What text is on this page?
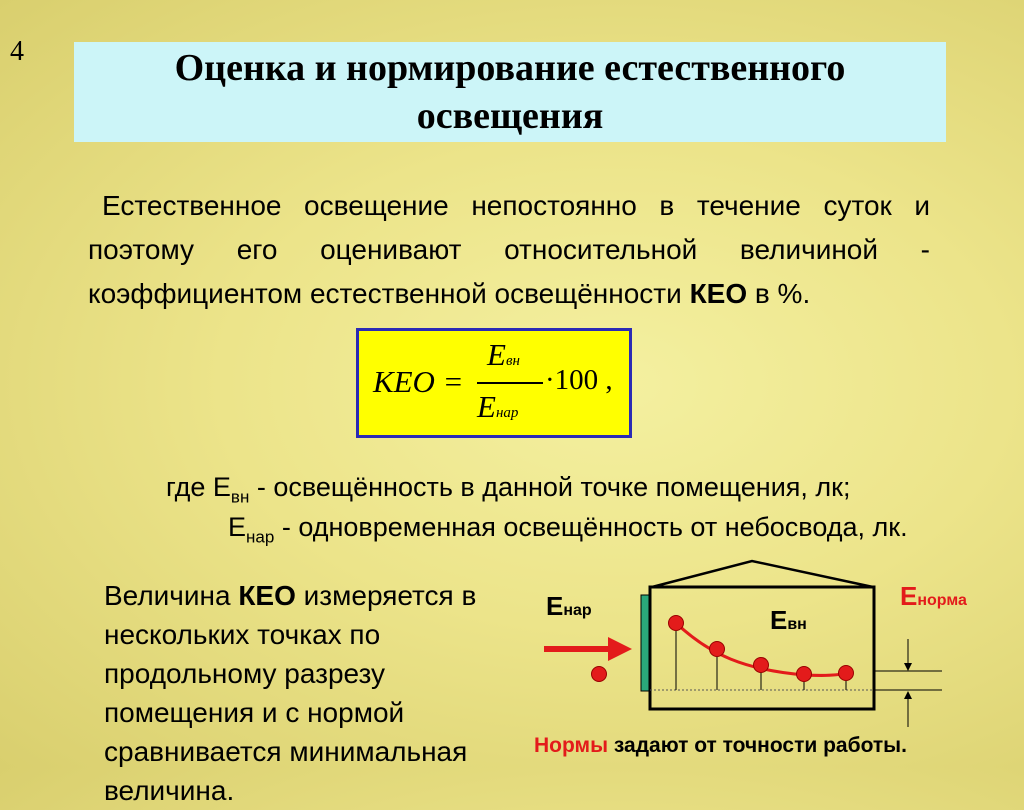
4	Оценка и нормирование естественного освещения

Естественное освещение непостоянно в течение суток и поэтому его оценивают относительной величиной - коэффициентом естественной освещённости КЕО в %.

КЕО =
Eвн
Eнар
·100 ,
где $Е_{вн}$ - освещённость в данной точке помещения, лк;
$Е_{нар}$ - одновременная освещённость от небосвода, лк.

Величина КЕО измеряется в нескольких точках по продольному разрезу помещения и с нормой сравнивается минимальная величина.

Енар	Евн
Енорма
Нормы задают от точности работы.
